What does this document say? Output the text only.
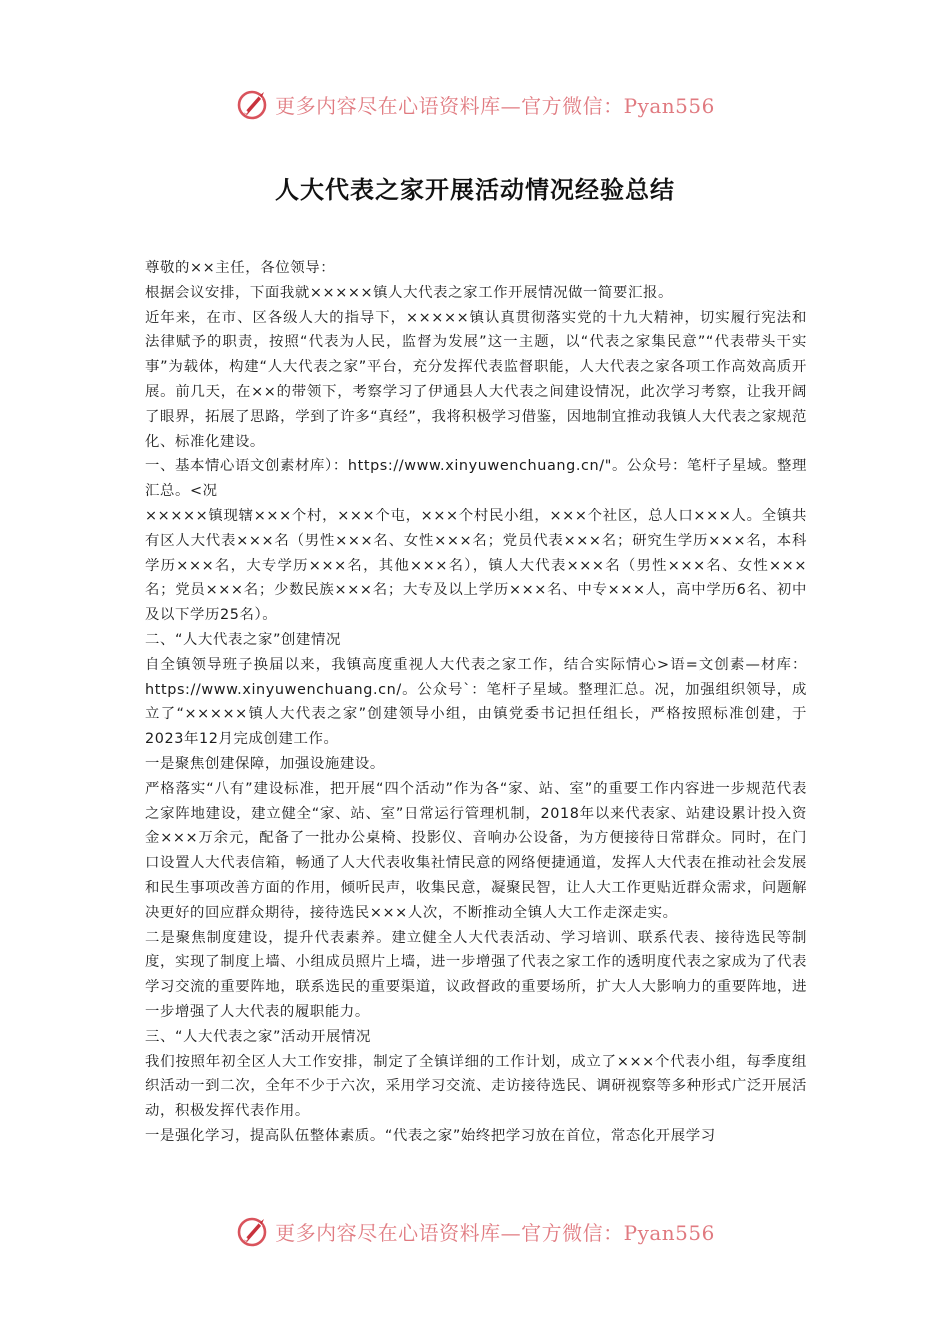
更多内容尽在心语资料库—官方微信：Pyan556
人大代表之家开展活动情况经验总结

尊敬的××主任，各位领导：

根据会议安排，下面我就×××××镇人大代表之家工作开展情况做一简要汇报。

近年来，在市、区各级人大的指导下，×××××镇认真贯彻落实党的十九大精神，切实履行宪法和法律赋予的职责，按照“代表为人民，监督为发展”这一主题，以“代表之家集民意”“代表带头干实事”为载体，构建“人大代表之家”平台，充分发挥代表监督职能，人大代表之家各项工作高效高质开展。前几天，在××的带领下，考察学习了伊通县人大代表之间建设情况，此次学习考察，让我开阔了眼界，拓展了思路，学到了许多“真经”，我将积极学习借鉴，因地制宜推动我镇人大代表之家规范化、标准化建设。

一、基本情心语文创素材库）：https://www.xinyuwenchuang.cn/"。公众号：笔杆子星域。整理汇总。<况

×××××镇现辖×××个村，×××个屯，×××个村民小组，×××个社区，总人口×××人。全镇共有区人大代表×××名（男性×××名、女性×××名；党员代表×××名；研究生学历×××名，本科学历×××名，大专学历×××名，其他×××名），镇人大代表×××名（男性×××名、女性×××名；党员×××名；少数民族×××名；大专及以上学历×××名、中专×××人，高中学历6名、初中及以下学历25名）。

二、“人大代表之家”创建情况

自全镇领导班子换届以来，我镇高度重视人大代表之家工作，结合实际情心>语=文创素—材库：https://www.xinyuwenchuang.cn/。公众号`：笔杆子星域。整理汇总。况，加强组织领导，成立了“×××××镇人大代表之家”创建领导小组，由镇党委书记担任组长，严格按照标准创建，于2023年12月完成创建工作。

一是聚焦创建保障，加强设施建设。

严格落实“八有”建设标准，把开展“四个活动”作为各“家、站、室”的重要工作内容进一步规范代表之家阵地建设，建立健全“家、站、室”日常运行管理机制，2018年以来代表家、站建设累计投入资金×××万余元，配备了一批办公桌椅、投影仪、音响办公设备，为方便接待日常群众。同时，在门口设置人大代表信箱，畅通了人大代表收集社情民意的网络便捷通道，发挥人大代表在推动社会发展和民生事项改善方面的作用，倾听民声，收集民意，凝聚民智，让人大工作更贴近群众需求，问题解决更好的回应群众期待，接待选民×××人次，不断推动全镇人大工作走深走实。

二是聚焦制度建设，提升代表素养。建立健全人大代表活动、学习培训、联系代表、接待选民等制度，实现了制度上墙、小组成员照片上墙，进一步增强了代表之家工作的透明度代表之家成为了代表学习交流的重要阵地，联系选民的重要渠道，议政督政的重要场所，扩大人大影响力的重要阵地，进一步增强了人大代表的履职能力。

三、“人大代表之家”活动开展情况

我们按照年初全区人大工作安排，制定了全镇详细的工作计划，成立了×××个代表小组，每季度组织活动一到二次，全年不少于六次，采用学习交流、走访接待选民、调研视察等多种形式广泛开展活动，积极发挥代表作用。

一是强化学习，提高队伍整体素质。“代表之家”始终把学习放在首位，常态化开展学习

更多内容尽在心语资料库—官方微信：Pyan556
